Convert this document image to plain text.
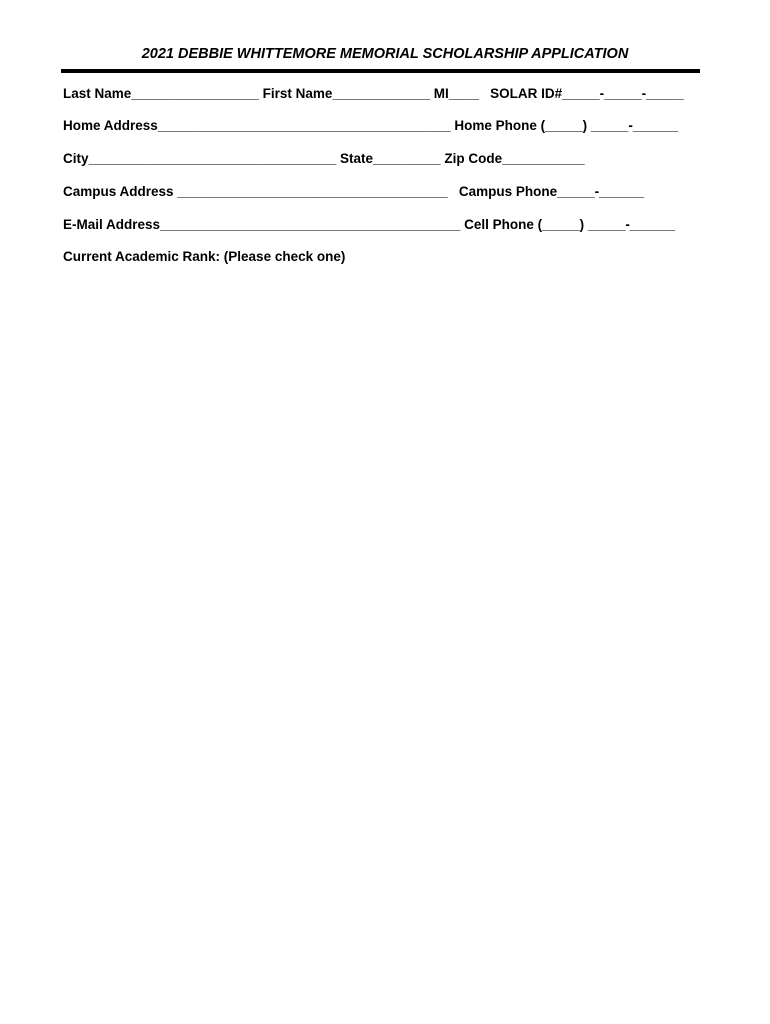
2021 DEBBIE WHITTEMORE MEMORIAL SCHOLARSHIP APPLICATION
Last Name_________________ First Name_____________ MI____   SOLAR ID#_____-_____-_____
Home Address_______________________________________ Home Phone (_____) _____-______
City_________________________________ State_________ Zip Code___________
Campus Address ____________________________________   Campus Phone_____-______
E-Mail Address________________________________________ Cell Phone (_____) _____-______
Current Academic Rank: (Please check one)
